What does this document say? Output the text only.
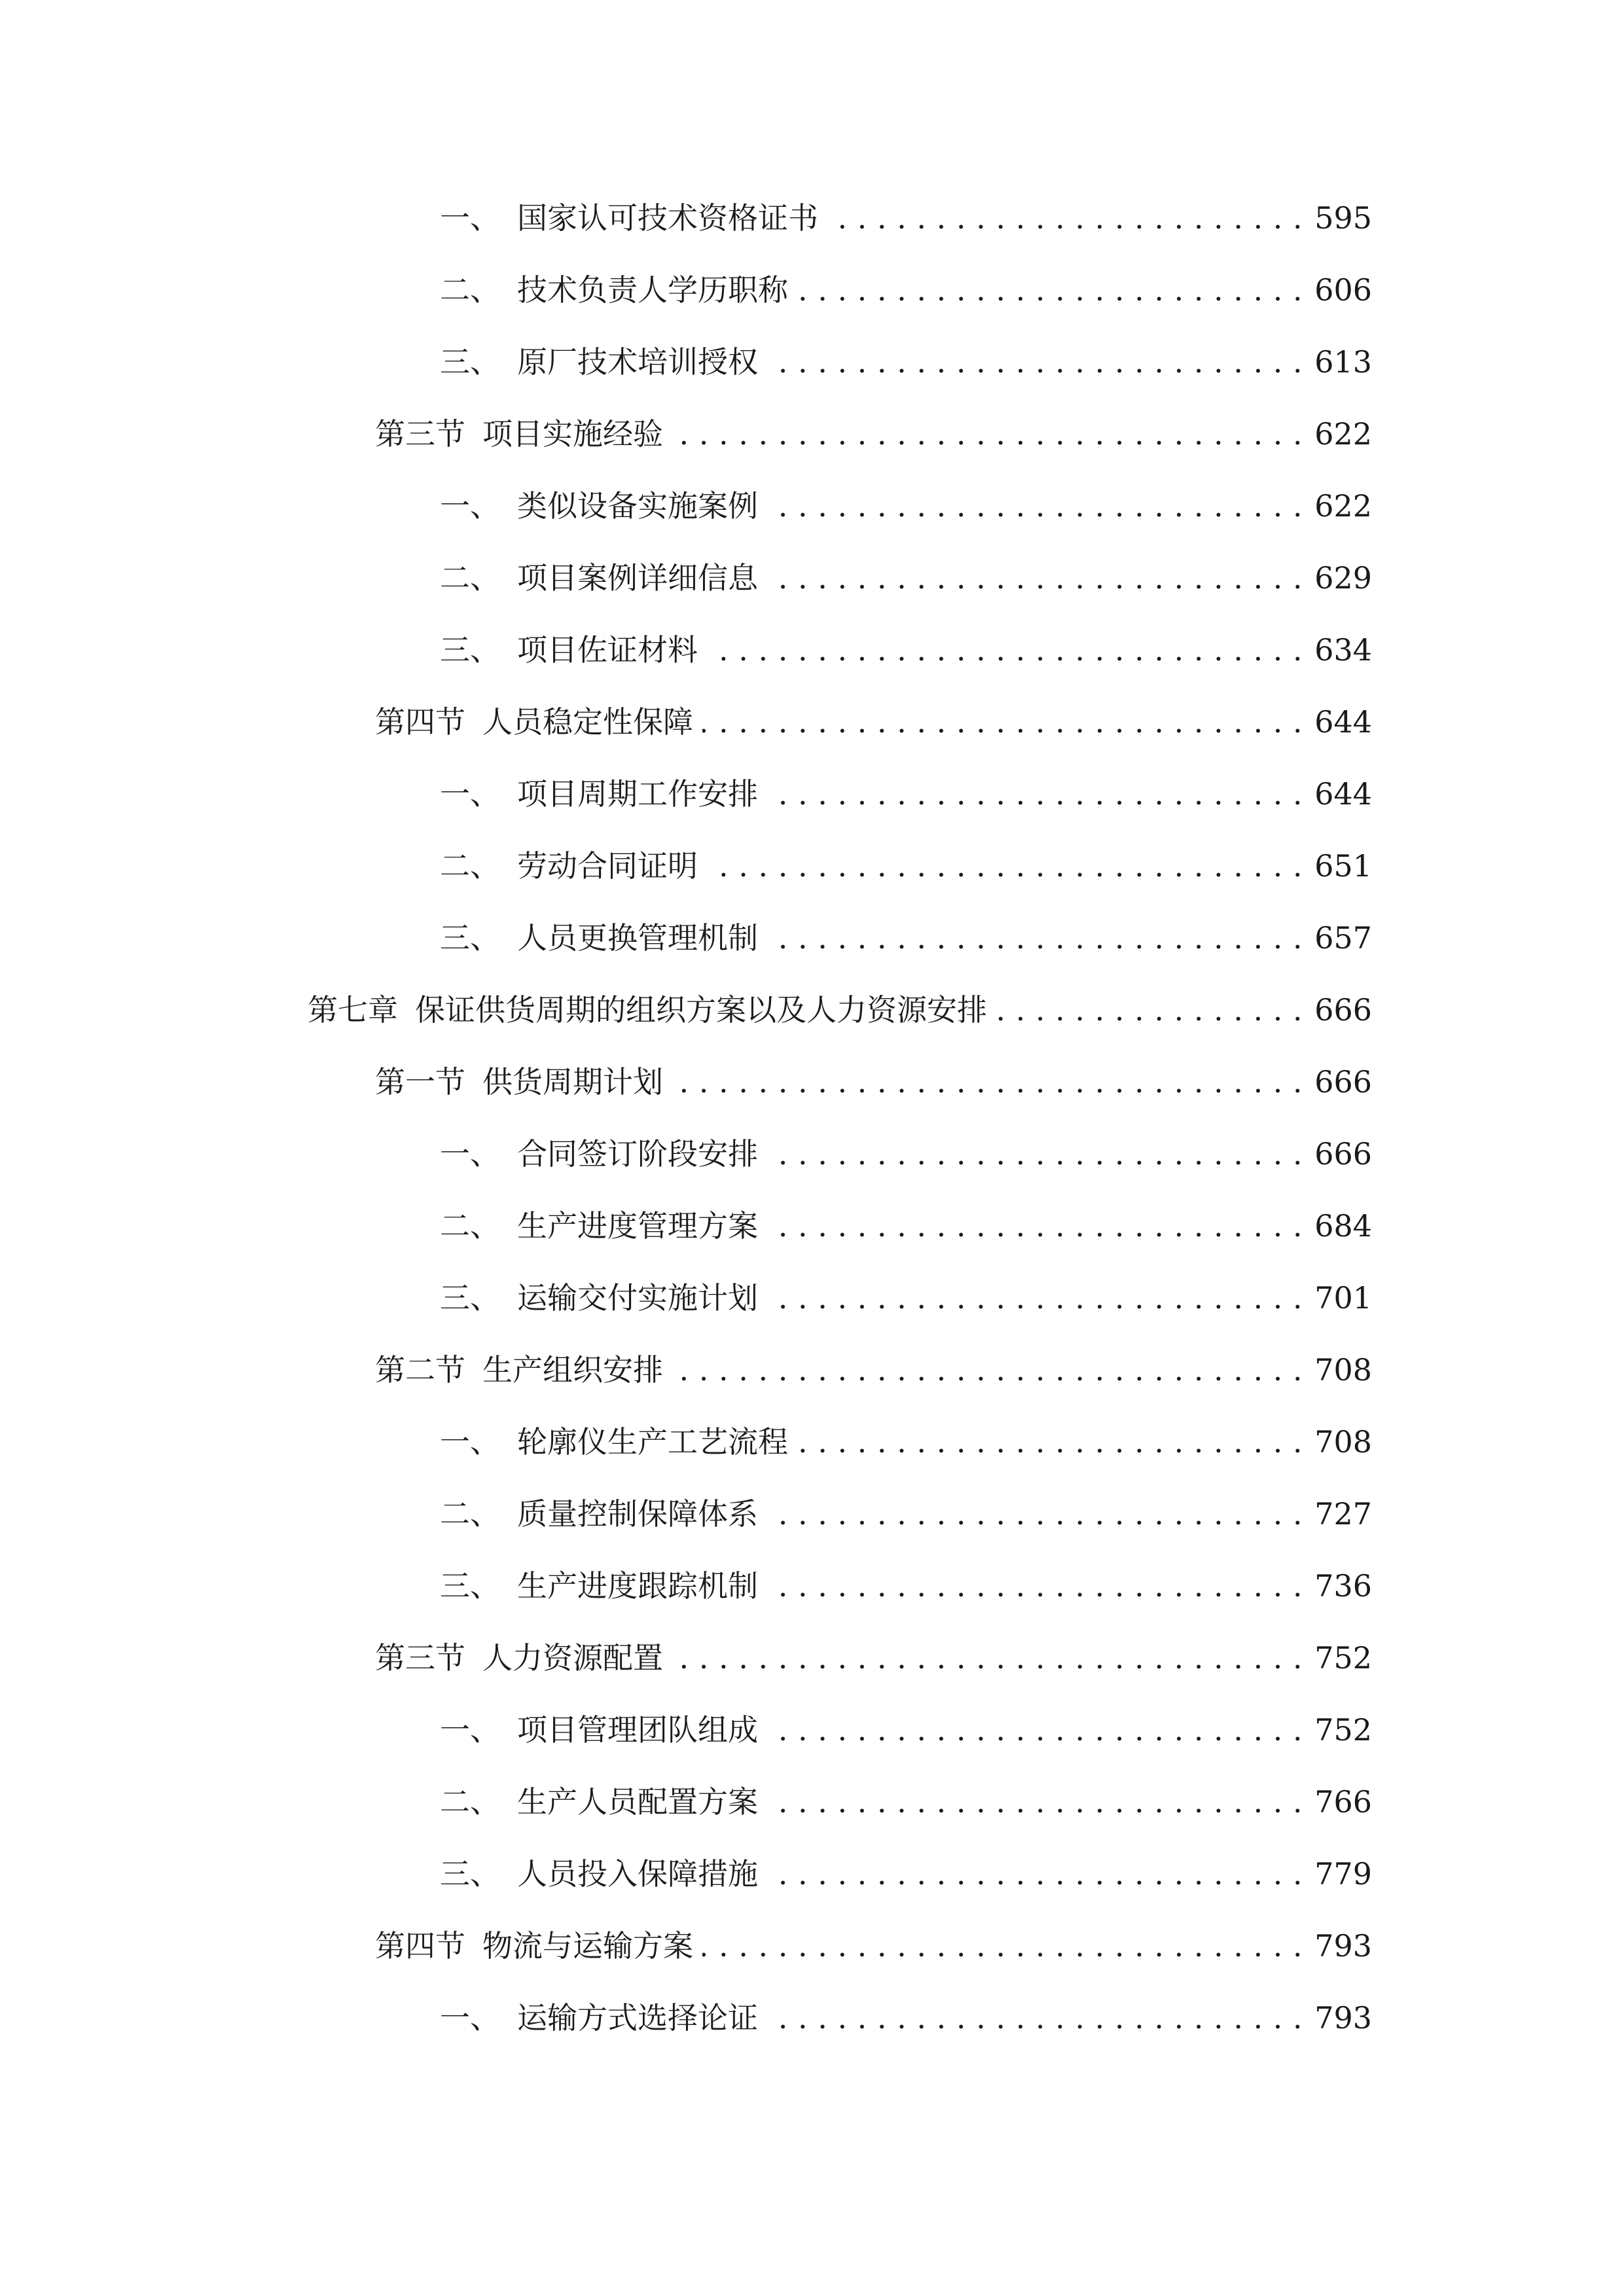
一、 国家认可技术资格证书 . . .	595
二、 技术负责人学历职称 . . .	606
三、 原厂技术培训授权 . . .	613
第三节 项目实施经验 . . .	622
一、 类似设备实施案例 . . .	622
二、 项目案例详细信息 . . .	629
三、 项目佐证材料 . . .	634
第四节 人员稳定性保障 . . .	644
一、 项目周期工作安排 . . .	644
二、 劳动合同证明 . . .	651
三、 人员更换管理机制 . . .	657
第七章 保证供货周期的组织方案以及人力资源安排 . . .	666
第一节 供货周期计划 . . .	666
一、 合同签订阶段安排 . . .	666
二、 生产进度管理方案 . . .	684
三、 运输交付实施计划 . . .	701
第二节 生产组织安排 . . .	708
一、 轮廓仪生产工艺流程 . . .	708
二、 质量控制保障体系 . . .	727
三、 生产进度跟踪机制 . . .	736
第三节 人力资源配置 . . .	752
一、 项目管理团队组成 . . .	752
二、 生产人员配置方案 . . .	766
三、 人员投入保障措施 . . .	779
第四节 物流与运输方案 . . .	793
一、 运输方式选择论证 . . .	793
